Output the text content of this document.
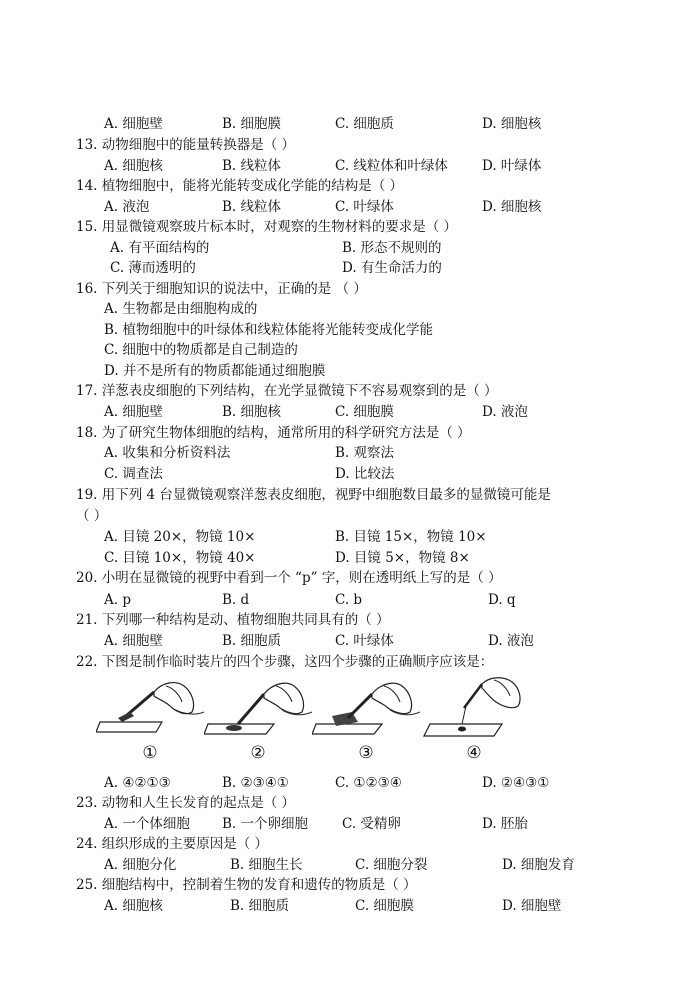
A. 细胞壁	B. 细胞膜	C. 细胞质	D. 细胞核
13. 动物细胞中的能量转换器是（ ）
A. 细胞核	B. 线粒体	C. 线粒体和叶绿体	D. 叶绿体
14. 植物细胞中，能将光能转变成化学能的结构是（ ）
A. 液泡	B. 线粒体	C. 叶绿体	D. 细胞核
15. 用显微镜观察玻片标本时，对观察的生物材料的要求是（ ）
A. 有平面结构的	B. 形态不规则的
C. 薄而透明的	D. 有生命活力的
16. 下列关于细胞知识的说法中，正确的是 （ ）
A. 生物都是由细胞构成的
B. 植物细胞中的叶绿体和线粒体能将光能转变成化学能
C. 细胞中的物质都是自己制造的
D. 并不是所有的物质都能通过细胞膜
17. 洋葱表皮细胞的下列结构，在光学显微镜下不容易观察到的是（ ）
A. 细胞壁	B. 细胞核	C. 细胞膜	D. 液泡
18. 为了研究生物体细胞的结构，通常所用的科学研究方法是（ ）
A. 收集和分析资料法	B. 观察法
C. 调查法	D. 比较法
19. 用下列 4 台显微镜观察洋葱表皮细胞，视野中细胞数目最多的显微镜可能是
（ ）
A. 目镜 20×，物镜 10×	B. 目镜 15×，物镜 10×
C. 目镜 10×，物镜 40×	D. 目镜 5×，物镜 8×
20. 小明在显微镜的视野中看到一个 “p” 字，则在透明纸上写的是（ ）
A. p	B. d	C. b	D. q
21. 下列哪一种结构是动、植物细胞共同具有的（ ）
A. 细胞壁	B. 细胞质	C. 叶绿体	D. 液泡
22. 下图是制作临时装片的四个步骤，这四个步骤的正确顺序应该是：
①	②	③	④
A. ④②①③	B. ②③④①	C. ①②③④	D. ②④③①
23. 动物和人生长发育的起点是（ ）
A. 一个体细胞 B. 一个卵细胞	C. 受精卵	D. 胚胎
24. 组织形成的主要原因是（ ）
A. 细胞分化	B. 细胞生长	C. 细胞分裂	D. 细胞发育
25. 细胞结构中，控制着生物的发育和遗传的物质是（ ）
A. 细胞核	B. 细胞质	C. 细胞膜	D. 细胞壁
